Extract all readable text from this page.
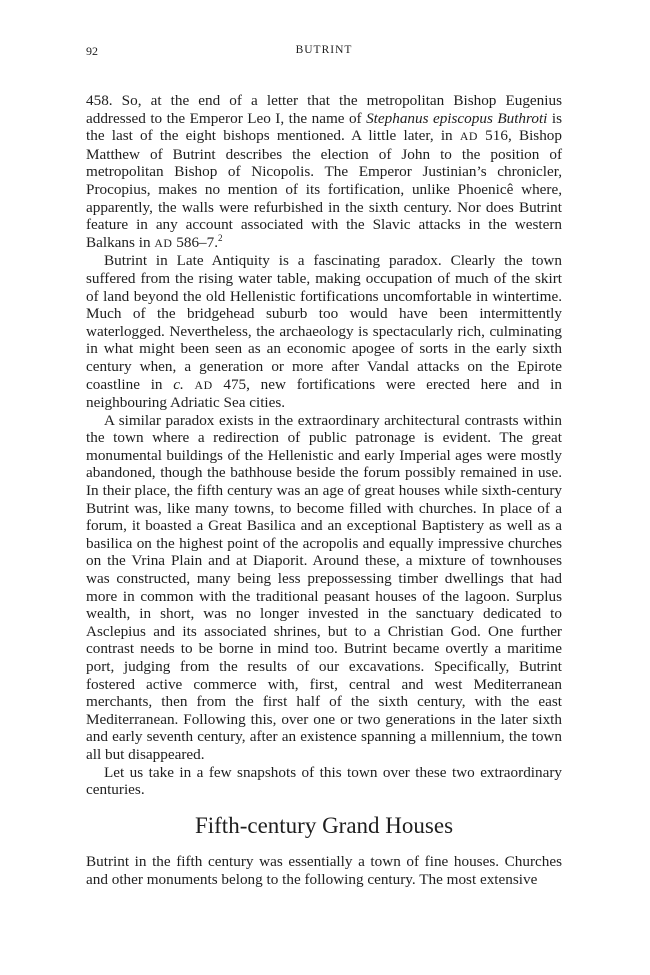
92	BUTRINT

458. So, at the end of a letter that the metropolitan Bishop Eugenius addressed to the Emperor Leo I, the name of Stephanus episcopus Buthroti is the last of the eight bishops mentioned. A little later, in AD 516, Bishop Matthew of Butrint describes the election of John to the position of metropolitan Bishop of Nicopolis. The Emperor Justinian’s chronicler, Procopius, makes no mention of its fortification, unlike Phoenicê where, apparently, the walls were refurbished in the sixth century. Nor does Butrint feature in any account associated with the Slavic attacks in the western Balkans in AD 586–7.$^2$

Butrint in Late Antiquity is a fascinating paradox. Clearly the town suffered from the rising water table, making occupation of much of the skirt of land beyond the old Hellenistic fortifications uncomfortable in wintertime. Much of the bridgehead suburb too would have been intermittently waterlogged. Nevertheless, the archaeology is spectacularly rich, culminating in what might been seen as an economic apogee of sorts in the early sixth century when, a generation or more after Vandal attacks on the Epirote coastline in c. AD 475, new fortifications were erected here and in neighbouring Adriatic Sea cities.

A similar paradox exists in the extraordinary architectural contrasts within the town where a redirection of public patronage is evident. The great monumental buildings of the Hellenistic and early Imperial ages were mostly abandoned, though the bathhouse beside the forum possibly remained in use. In their place, the fifth century was an age of great houses while sixth-century Butrint was, like many towns, to become filled with churches. In place of a forum, it boasted a Great Basilica and an exceptional Baptistery as well as a basilica on the highest point of the acropolis and equally impressive churches on the Vrina Plain and at Diaporit. Around these, a mixture of townhouses was constructed, many being less prepossessing timber dwellings that had more in common with the traditional peasant houses of the lagoon. Surplus wealth, in short, was no longer invested in the sanctuary dedicated to Asclepius and its associated shrines, but to a Christian God. One further contrast needs to be borne in mind too. Butrint became overtly a maritime port, judging from the results of our excavations. Specifically, Butrint fostered active commerce with, first, central and west Mediterranean merchants, then from the first half of the sixth century, with the east Mediterranean. Following this, over one or two generations in the later sixth and early seventh century, after an existence spanning a millennium, the town all but disappeared.

Let us take in a few snapshots of this town over these two extraordinary centuries.

Fifth-century Grand Houses

Butrint in the fifth century was essentially a town of fine houses. Churches and other monuments belong to the following century. The most extensive
